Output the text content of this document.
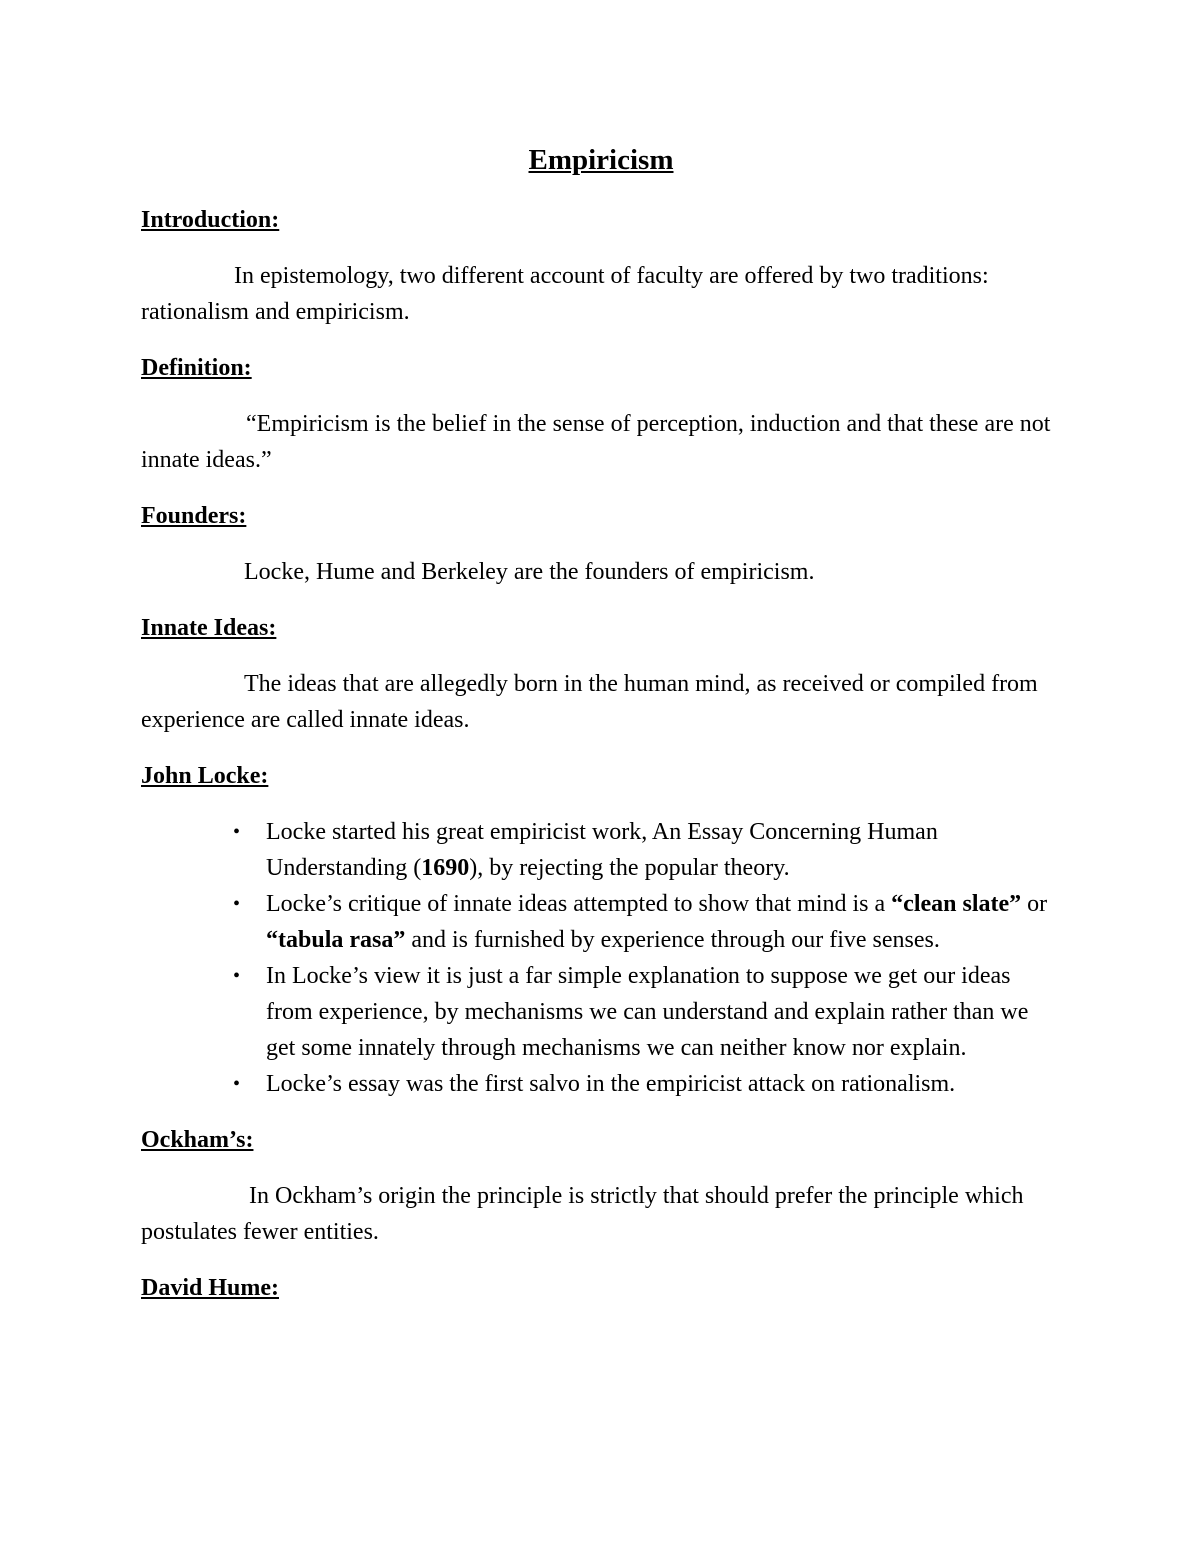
Empiricism
Introduction:
In epistemology, two different account of faculty are offered by two traditions: rationalism and empiricism.
Definition:
“Empiricism is the belief in the sense of perception, induction and that these are not innate ideas.”
Founders:
Locke, Hume and Berkeley are the founders of empiricism.
Innate Ideas:
The ideas that are allegedly born in the human mind, as received or compiled from experience are called innate ideas.
John Locke:
• Locke started his great empiricist work, An Essay Concerning Human Understanding (1690), by rejecting the popular theory.
• Locke’s critique of innate ideas attempted to show that mind is a “clean slate” or “tabula rasa” and is furnished by experience through our five senses.
• In Locke’s view it is just a far simple explanation to suppose we get our ideas from experience, by mechanisms we can understand and explain rather than we get some innately through mechanisms we can neither know nor explain.
• Locke’s essay was the first salvo in the empiricist attack on rationalism.
Ockham’s:
In Ockham’s origin the principle is strictly that should prefer the principle which postulates fewer entities.
David Hume:
